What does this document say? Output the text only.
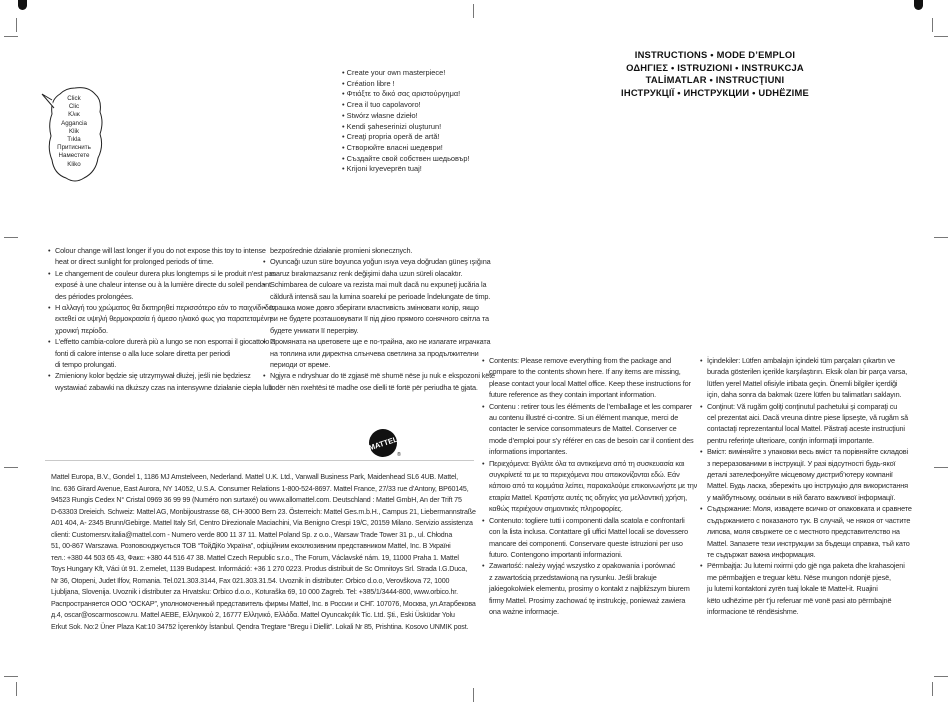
Click
Clic
Κλικ
Aggancia
Klik
Tıkla
Притиснить
Наместете
Kliko
• Create your own masterpiece!
• Création libre !
• Φτιάξτε το δικό σας αριστούργημα!
• Crea il tuo capolavoro!
• Stwórz własne dzieło!
• Kendi şaheserinizi oluşturun!
• Creaţi propria operă de artă!
• Створюйте власні шедеври!
• Създайте свой собствен шедьовър!
• Krijoni kryeveprën tuaj!
INSTRUCTIONS • MODE D’EMPLOI
ΟΔΗΓΙΕΣ • ISTRUZIONI • INSTRUKCJA
TALİMATLAR • INSTRUCŢIUNI
ІНСТРУКЦІЇ • ИНСТРУКЦИИ • UDHËZIME
• Colour change will last longer if you do not expose this toy to intense
heat or direct sunlight for prolonged periods of time.
• Le changement de couleur durera plus longtemps si le produit n’est pas
exposé à une chaleur intense ou à la lumière directe du soleil pendant
des périodes prolongées.
• Η αλλαγή του χρώματος θα διατηρηθεί περισσότερο εάν το παιχνίδι δεν
εκτεθεί σε υψηλή θερμοκρασία ή άμεσο ηλιακό φως για παρατεταμένη
χρονική περίοδο.
• L’effetto cambia-colore durerà più a lungo se non esporrai il giocattolo a
fonti di calore intense o alla luce solare diretta per periodi
di tempo prolungati.
• Zmieniony kolor będzie się utrzymywał dłużej, jeśli nie będziesz
wystawiać zabawki na dłuższy czas na intensywne działanie ciepła lub
bezpośrednie działanie promieni słonecznych.
• Oyuncağı uzun süre boyunca yoğun ısıya veya doğrudan güneş ışığına
maruz bırakmazsanız renk değişimi daha uzun süreli olacaktır.
• Schimbarea de culoare va rezista mai mult dacă nu expuneţi jucăria la
căldură intensă sau la lumina soarelui pe perioade îndelungate de timp.
• Іграшка може довго зберігати властивість змінювати колір, якщо
ви не будете розташовувати її під дією прямого сонячного світла та
будете уникати її перегріву.
• Промяната на цветовете ще е по-трайна, ако не излагате играчката
на топлина или директна слънчева светлина за продължителни
периоди от време.
• Ngjyra e ndryshuar do të zgjasë më shumë nëse ju nuk e ekspozoni këtë
lodër nën nxehtësi të madhe ose dielli të fortë për periudha të gjata.
• Contents: Please remove everything from the package and
compare to the contents shown here. If any items are missing,
please contact your local Mattel office. Keep these instructions for
future reference as they contain important information.
• Contenu : retirer tous les éléments de l’emballage et les comparer
au contenu illustré ci-contre. Si un élément manque, merci de
contacter le service consommateurs de Mattel. Conserver ce
mode d’emploi pour s’y référer en cas de besoin car il contient des
informations importantes.
• Περιεχόμενα: Βγάλτε όλα τα αντικείμενα από τη συσκευασία και
συγκρίνετέ τα με τα περιεχόμενα που απεικονίζονται εδώ. Εάν
κάποιο από τα κομμάτια λείπει, παρακαλούμε επικοινωνήστε με την
εταιρία Mattel. Κρατήστε αυτές τις οδηγίες για μελλοντική χρήση,
καθώς περιέχουν σημαντικές πληροφορίες.
• Contenuto: togliere tutti i componenti dalla scatola e confrontarli
con la lista inclusa. Contattare gli uffici Mattel locali se dovessero
mancare dei componenti. Conservare queste istruzioni per uso
futuro. Contengono importanti informazioni.
• Zawartość: należy wyjąć wszystko z opakowania i porównać
z zawartością przedstawioną na rysunku. Jeśli brakuje
jakiegokolwiek elementu, prosimy o kontakt z najbliższym biurem
firmy Mattel. Prosimy zachować tę instrukcję, ponieważ zawiera
ona ważne informacje.
• İçindekiler: Lütfen ambalajın içindeki tüm parçaları çıkartın ve
burada gösterilen içerikle karşılaştırın. Eksik olan bir parça varsa,
lütfen yerel Mattel ofisiyle irtibata geçin. Önemli bilgiler içerdiği
için, daha sonra da bakmak üzere lütfen bu talimatları saklayın.
• Conţinut: Vă rugăm goliţi conţinutul pachetului şi comparaţi cu
cel prezentat aici. Dacă vreuna dintre piese lipseşte, vă rugăm să
contactaţi reprezentantul local Mattel. Păstraţi aceste instrucţiuni
pentru referinţe ulterioare, conţin informaţii importante.
• Вміст: виміняйте з упаковки весь вміст та порівняйте складові
з переразованими в інструкції. У разі відсутності будь-якої
деталі зателефонуйте місцевому дистриб’ютеру компанії
Mattel. Будь ласка, збережіть цю інструкцію для використання
у майбутньому, оскільки в ній багато важливої інформації.
• Съдържание: Моля, извадете всичко от опаковката и сравнете
съдържанието с показаното тук. В случай, че някоя от частите
липсва, моля свържете се с местното представителство на
Mattel. Запазете тези инструкции за бъдещи справка, тъй като
те съдържат важна информация.
• Përmbajtja: Ju lutemi nxirrni çdo gjë nga paketa dhe krahasojeni
me përmbajtjen e treguar këtu. Nëse mungon ndonjë pjesë,
ju lutemi kontaktoni zyrën tuaj lokale të Mattel-it. Ruajini
këto udhëzime për t’ju referuar më vonë pasi ato përmbajnë
informacione të rëndësishme.
MATTEL
®
Mattel Europa, B.V., Gondel 1, 1186 MJ Amstelveen, Nederland. Mattel U.K. Ltd., Vanwall Business Park, Maidenhead SL6 4UB. Mattel,
Inc. 636 Girard Avenue, East Aurora, NY 14052, U.S.A. Consumer Relations 1-800-524-8697. Mattel France, 27/33 rue d’Antony, BP60145,
94523 Rungis Cedex N° Cristal 0969 36 99 99 (Numéro non surtaxé) ou www.allomattel.com. Deutschland : Mattel GmbH, An der Trift 75
D-63303 Dreieich. Schweiz: Mattel AG, Monbijoustrasse 68, CH-3000 Bern 23. Österreich: Mattel Ges.m.b.H., Campus 21, Liebermannstraße
A01 404, A- 2345 Brunn/Gebirge. Mattel Italy Srl, Centro Direzionale Maciachini, Via Benigno Crespi 19/C, 20159 Milano. Servizio assistenza
clienti: Customersrv.italia@mattel.com - Numero verde 800 11 37 11. Mattel Poland Sp. z o.o., Warsaw Trade Tower 31 p., ul. Chłodna
51, 00-867 Warszawa. Розповсюджується ТОВ “ТойДіКо Україна”, офіційним ексклюзивним представником Mattel, Inc. В Україні
тел.: +380 44 503 65 43, Факс: +380 44 516 47 38. Mattel Czech Republic s.r.o., The Forum, Václavské nám. 19, 11000 Praha 1. Mattel
Toys Hungary Kft, Váci út 91. 2.emelet, 1139 Budapest. Információ: +36 1 270 0223. Produs distribuit de Sc Omnitoys Srl. Strada I.G.Duca,
Nr 36, Otopeni, Judet Ilfov, Romania. Tel.021.303.3144, Fax 021.303.31.54. Uvoznik in distributer: Orbico d.o.o, Verovškova 72, 1000
Ljubljana, Slovenija. Uvoznik i distributer za Hrvatsku: Orbico d.o.o., Koturaška 69, 10 000 Zagreb. Tel: +385/1/3444-800, www.orbico.hr.
Распространяется ООО “ОСКАР”, уполномоченный представитель фирмы Mattel, Inc. в России и СНГ. 107076, Москва, ул.Атарбекова
д.4, oscar@oscarmoscow.ru. Mattel AEBE, Ελληνικού 2, 16777 Ελληνικό, Ελλάδα. Mattel Oyuncakçılık Tic. Ltd. Şti., Eski Üsküdar Yolu
Erkut Sok. No:2 Üner Plaza Kat:10 34752 İçerenköy İstanbul. Qendra Tregtare “Bregu i Diellit”. Lokali Nr 85, Prishtina. Kosovo UNMIK post.
